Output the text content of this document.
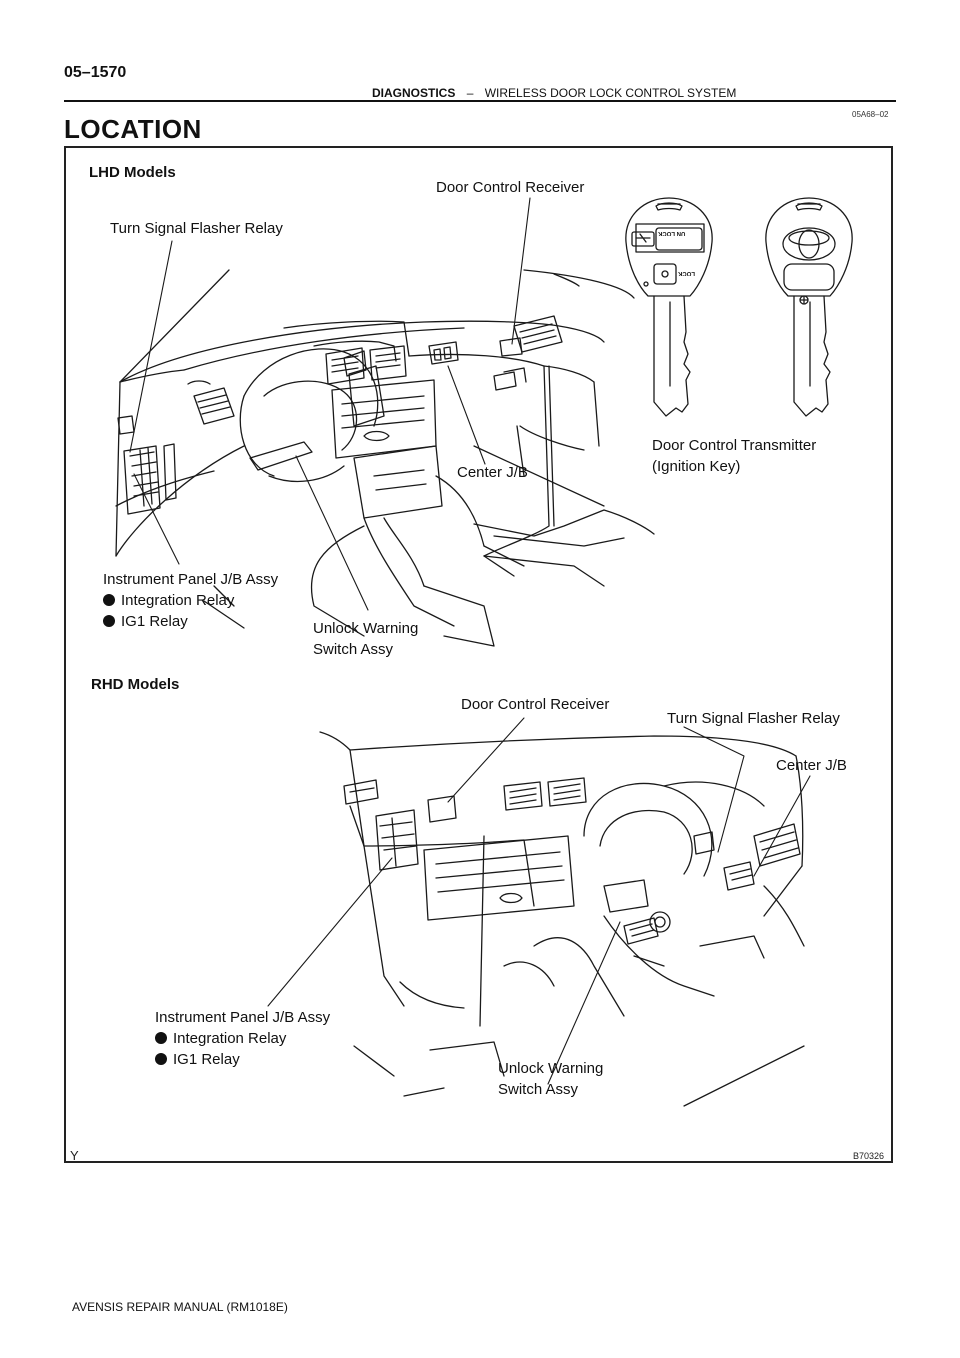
05–1570
DIAGNOSTICS – WIRELESS DOOR LOCK CONTROL SYSTEM
05A68–02
LOCATION
LHD Models
Door Control Receiver
Turn Signal Flasher Relay
Door Control Transmitter
(Ignition Key)
Center J/B
Instrument Panel J/B Assy
Integration Relay
IG1 Relay	Unlock Warning
Switch Assy
RHD Models
Door Control Receiver
Turn Signal Flasher Relay
Center J/B
Instrument Panel J/B Assy
Integration Relay
IG1 Relay
Unlock Warning
Switch Assy
UN LOCK
LOCK
Y	B70326
AVENSIS REPAIR MANUAL (RM1018E)
